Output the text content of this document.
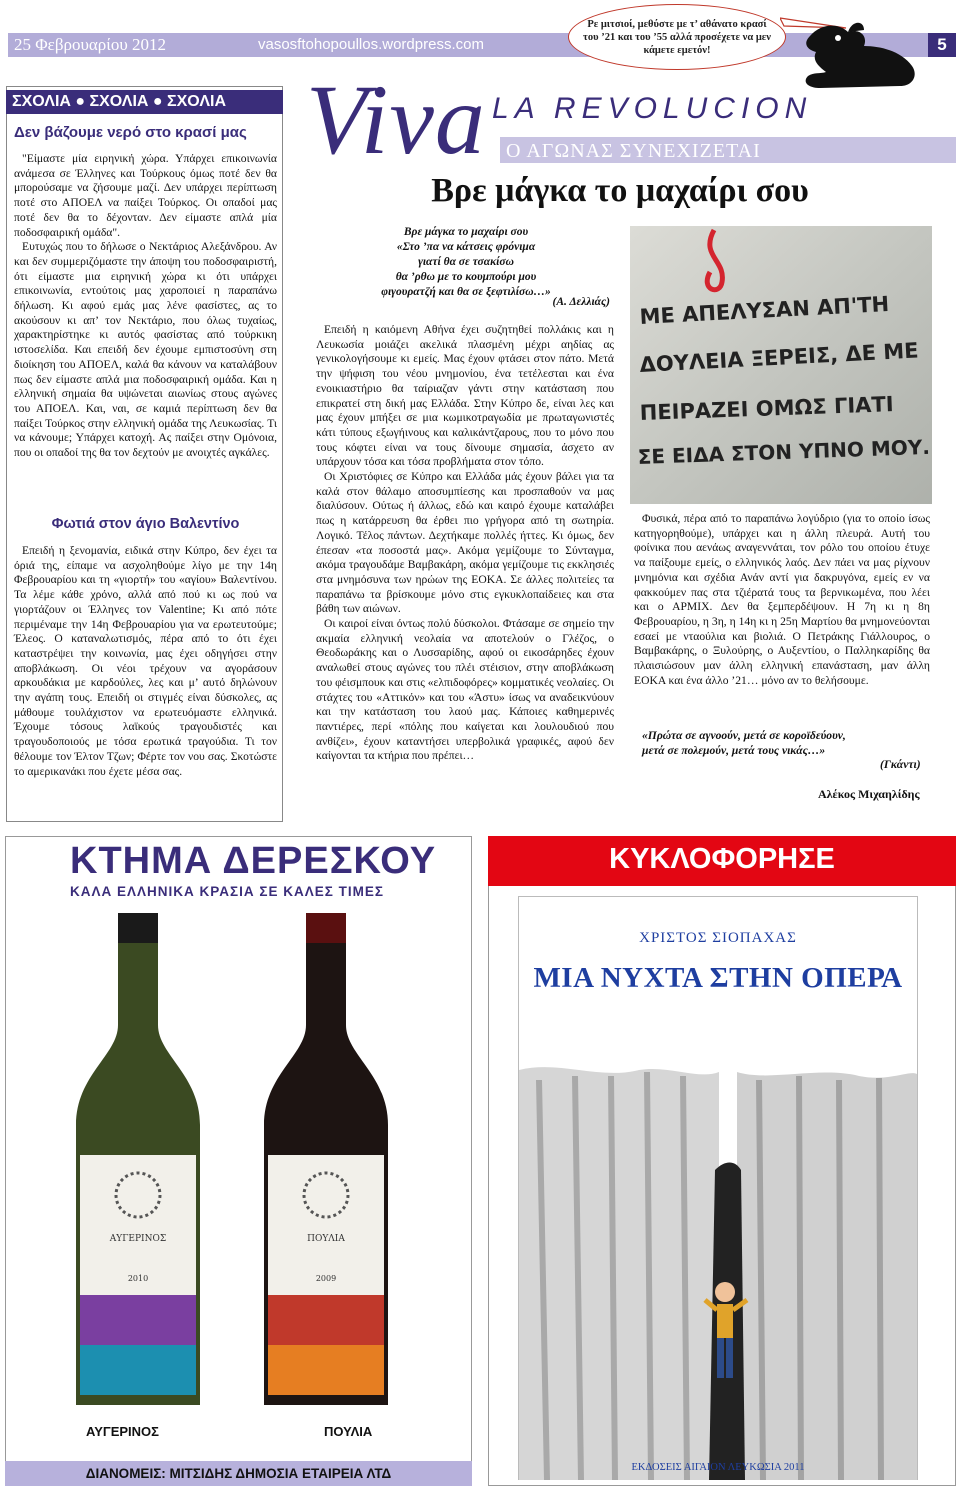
25 Φεβρουαρίου 2012	vasosftohopoullos.wordpress.com	5
Ρε μιτσιοί, μεθύστε με τ’ αθάνατο κρασί του ’21 και του ’55 αλλά προσέχετε να μεν κάμετε εμετόν!
ΣΧΟΛΙΑ ● ΣΧΟΛΙΑ ● ΣΧΟΛΙΑ
Δεν βάζουμε νερό στο κρασί μας

"Είμαστε μία ειρηνική χώρα. Υπάρχει επικοινωνία ανάμεσα σε Έλληνες και Τούρκους όμως ποτέ δεν θα μπορούσαμε να ζήσουμε μαζί. Δεν υπάρχει περίπτωση ποτέ στο ΑΠΟΕΛ να παίξει Τούρκος. Οι οπαδοί μας ποτέ δεν θα το δέχονταν. Δεν είμαστε απλά μία ποδοσφαιρική ομάδα".

Ευτυχώς που το δήλωσε ο Νεκτάριος Αλεξάνδρου. Αν και δεν συμμεριζόμαστε την άποψη του ποδοσφαιριστή, ότι είμαστε μια ειρηνική χώρα κι ότι υπάρχει επικοινωνία, εντούτοις μας χαροποιεί η παραπάνω δήλωση. Κι αφού εμάς μας λένε φασίστες, ας το ακούσουν κι απ’ τον Νεκτάριο, που όλως τυχαίως, χαρακτηρίστηκε κι αυτός φασίστας από τούρκικη ιστοσελίδα. Και επειδή δεν έχουμε εμπιστοσύνη στη διοίκηση του ΑΠΟΕΛ, καλά θα κάνουν να καταλάβουν πως δεν είμαστε απλά μια ποδοσφαιρική ομάδα. Και η ελληνική σημαία θα υψώνεται αιωνίως στους αγώνες του ΑΠΟΕΛ. Και, ναι, σε καμιά περίπτωση δεν θα παίξει Τούρκος στην ελληνική ομάδα της Λευκωσίας. Τι να κάνουμε; Υπάρχει κατοχή. Ας παίξει στην Ομόνοια, που οι οπαδοί της θα τον δεχτούν με ανοιχτές αγκάλες.

Φωτιά στον άγιο Βαλεντίνο

Επειδή η ξενομανία, ειδικά στην Κύπρο, δεν έχει τα όριά της, είπαμε να ασχοληθούμε λίγο με την 14η Φεβρουαρίου και τη «γιορτή» του «αγίου» Βαλεντίνου. Τα λέμε κάθε χρόνο, αλλά από πού κι ως πού να γιορτάζουν οι Έλληνες τον Valentine; Κι από πότε περιμέναμε την 14η Φεβρουαρίου για να ερωτευτούμε; Έλεος. Ο καταναλωτισμός, πέρα από το ότι έχει καταστρέψει την κοινωνία, μας έχει οδηγήσει στην αποβλάκωση. Οι νέοι τρέχουν να αγοράσουν αρκουδάκια με καρδούλες, λες και μ’ αυτό δηλώνουν την αγάπη τους. Επειδή οι στιγμές είναι δύσκολες, ας μάθουμε τουλάχιστον να ερωτευόμαστε ελληνικά. Έχουμε τόσους λαϊκούς τραγουδιστές και τραγουδοποιούς με τόσα ερωτικά τραγούδια. Τι τον θέλουμε τον Έλτον Τζων; Φέρτε τον νου σας. Σκοτώστε το αμερικανάκι που έχετε μέσα σας.

Viva LA REVOLUCION
Ο ΑΓΩΝΑΣ ΣΥΝΕΧΙΖΕΤΑΙ
Βρε μάγκα το μαχαίρι σου
Βρε μάγκα το μαχαίρι σου
«Στο ’πα να κάτσεις φρόνιμα
γιατί θα σε τσακίσω
θα ’ρθω με το κουμπούρι μου
φιγουρατζή και θα σε ξεφτιλίσω…»
(Α. Δελλιάς)

Επειδή η καιόμενη Αθήνα έχει συζητηθεί πολλάκις και η Λευκωσία μοιάζει ακελικά πλασμένη μέχρι αηδίας ας γενικολογήσουμε κι εμείς. Μας έχουν φτάσει στον πάτο. Μετά την ψήφιση του νέου μνημονίου, ένα τετέλεσται και ένα ενοικιαστήριο θα ταίριαζαν γάντι στην κατάσταση που επικρατεί στη δική μας Ελλάδα. Στην Κύπρο δε, είναι λες και μας έχουν μπήξει σε μια κωμικοτραγωδία με πρωταγωνιστές κάτι τύπους εξωγήινους και καλικάντζαρους, που το μόνο που τους κόφτει είναι να τους δίνουμε σημασία, άσχετο αν υπάρχουν τόσα και τόσα προβλήματα στον τόπο.

Οι Χριστόφιες σε Κύπρο και Ελλάδα μάς έχουν βάλει για τα καλά στον θάλαμο αποσυμπίεσης και προσπαθούν να μας διαλύσουν. Ούτως ή άλλως, εδώ και καιρό έχουμε καταλάβει πως η κατάρρευση θα έρθει πιο γρήγορα από τη σωτηρία. Λογικό. Τέλος πάντων. Δεχτήκαμε πολλές ήττες. Κι όμως, δεν έπεσαν «τα ποσοστά μας». Ακόμα γεμίζουμε το Σύνταγμα, ακόμα τραγουδάμε Βαμβακάρη, ακόμα γεμίζουμε τις εκκλησιές στα μνημόσυνα των ηρώων της ΕΟΚΑ. Σε άλλες πολιτείες τα παραπάνω τα βρίσκουμε μόνο στις εγκυκλοπαίδειες και στα βάθη των αιώνων.

Οι καιροί είναι όντως πολύ δύσκολοι. Φτάσαμε σε σημείο την ακμαία ελληνική νεολαία να αποτελούν ο Γλέζος, ο Θεοδωράκης και ο Λυσσαρίδης, αφού οι εικοσάρηδες έχουν αναλωθεί στους αγώνες του πλέι στέισιον, στην αποβλάκωση του φέισμπουκ και στις «ελπιδοφόρες» κομματικές νεολαίες. Οι στάχτες του «Αττικόν» και του «Άστυ» ίσως να αναδεικνύουν και την κατάσταση του λαού μας. Κάποιες καθημερινές παντιέρες, περί «πόλης που καίγεται και λουλουδιού που ανθίζει», έχουν καταντήσει υπερβολικά γραφικές, αφού δεν καίγονται τα κτήρια που πρέπει…

ΜΕ ΑΠΕΛΥΣΑΝ ΑΠ'ΤΗ
ΔΟΥΛΕΙΑ ΞΕΡΕΙΣ, ΔΕ ΜΕ
ΠΕΙΡΑΖΕΙ ΟΜΩΣ ΓΙΑΤΙ
ΣΕ ΕΙΔΑ ΣΤΟΝ ΥΠΝΟ ΜΟΥ.

Φυσικά, πέρα από το παραπάνω λογύδριο (για το οποίο ίσως κατηγορηθούμε), υπάρχει και η άλλη πλευρά. Αυτή του φοίνικα που αενάως αναγεννάται, τον ρόλο του οποίου έτυχε να παίξουμε εμείς, ο ελληνικός λαός. Δεν πάει να μας ρίχνουν μνημόνια και σχέδια Ανάν αντί για δακρυγόνα, εμείς εν να φακκούμεν πας στα τζιέρατά τους τα βερνικωμένα, που λέει και ο ΑΡΜΙΧ. Δεν θα ξεμπερδέψουν. Η 7η κι η 8η Φεβρουαρίου, η 3η, η 14η κι η 25η Μαρτίου θα μνημονεύονται εσαεί με νταούλια και βιολιά. Ο Πετράκης Γιάλλουρος, ο Βαμβακάρης, ο Ξυλούρης, ο Αυξεντίου, ο Παλληκαρίδης θα πλαισιώσουν μαν άλλη ελληνική επανάσταση, μαν άλλη ΕΟΚΑ και ένα άλλο ’21… μόνο αν το θελήσουμε.

«Πρώτα σε αγνοούν, μετά σε κοροϊδεύουν,
μετά σε πολεμούν, μετά τους νικάς…»
(Γκάντι)
Αλέκος Μιχαηλίδης
ΚΤΗΜΑ ΔΕΡΕΣΚΟΥ
ΚΑΛΑ ΕΛΛΗΝΙΚΑ ΚΡΑΣΙΑ ΣΕ ΚΑΛΕΣ ΤΙΜΕΣ
ΑΥΓΕΡΙΝΟΣ
2010
ΠΟΥΛΙΑ
2009
ΑΥΓΕΡΙΝΟΣ	ΠΟΥΛΙΑ
ΔΙΑΝΟΜΕΙΣ: ΜΙΤΣΙΔΗΣ ΔΗΜΟΣΙΑ ΕΤΑΙΡΕΙΑ ΛΤΔ
ΚΥΚΛΟΦΟΡΗΣΕ
ΧΡΙΣΤΟΣ ΣΙΟΠΑΧΑΣ
ΜΙΑ ΝΥΧΤΑ ΣΤΗΝ ΟΠΕΡΑ
ΕΚΔΟΣΕΙΣ ΑΙΓΑΙΟΝ ΛΕΥΚΩΣΙΑ 2011
